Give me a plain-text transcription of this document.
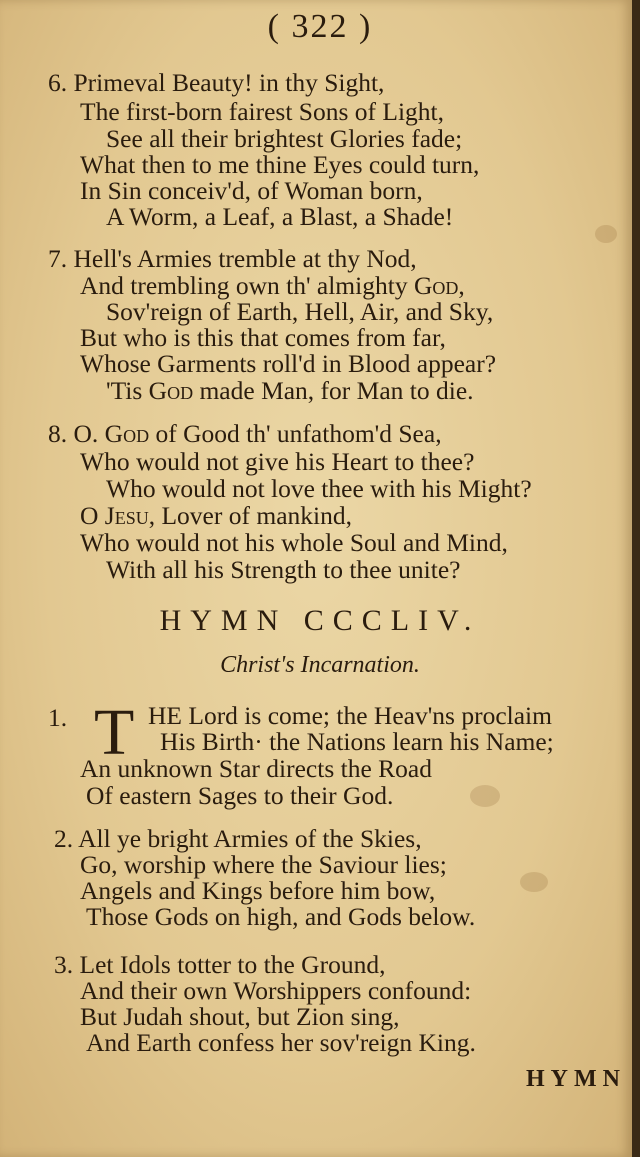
( 322 )
6. Primeval Beauty! in thy Sight,
The first-born fairest Sons of Light,
See all their brightest Glories fade;
What then to me thine Eyes could turn,
In Sin conceiv'd, of Woman born,
A Worm, a Leaf, a Blast, a Shade!
7. Hell's Armies tremble at thy Nod,
And trembling own th' almighty God,
Sov'reign of Earth, Hell, Air, and Sky,
But who is this that comes from far,
Whose Garments roll'd in Blood appear?
'Tis God made Man, for Man to die.
8. O. God of Good th' unfathom'd Sea,
Who would not give his Heart to thee?
Who would not love thee with his Might?
O Jesu, Lover of mankind,
Who would not his whole Soul and Mind,
With all his Strength to thee unite?
HYMN CCCLIV.
Christ's Incarnation.
1. T HE Lord is come; the Heav'ns proclaim
His Birth· the Nations learn his Name;
An unknown Star directs the Road
Of eastern Sages to their God.
2. All ye bright Armies of the Skies,
Go, worship where the Saviour lies;
Angels and Kings before him bow,
Those Gods on high, and Gods below.
3. Let Idols totter to the Ground,
And their own Worshippers confound:
But Judah shout, but Zion sing,
And Earth confess her sov'reign King.
HYMN
